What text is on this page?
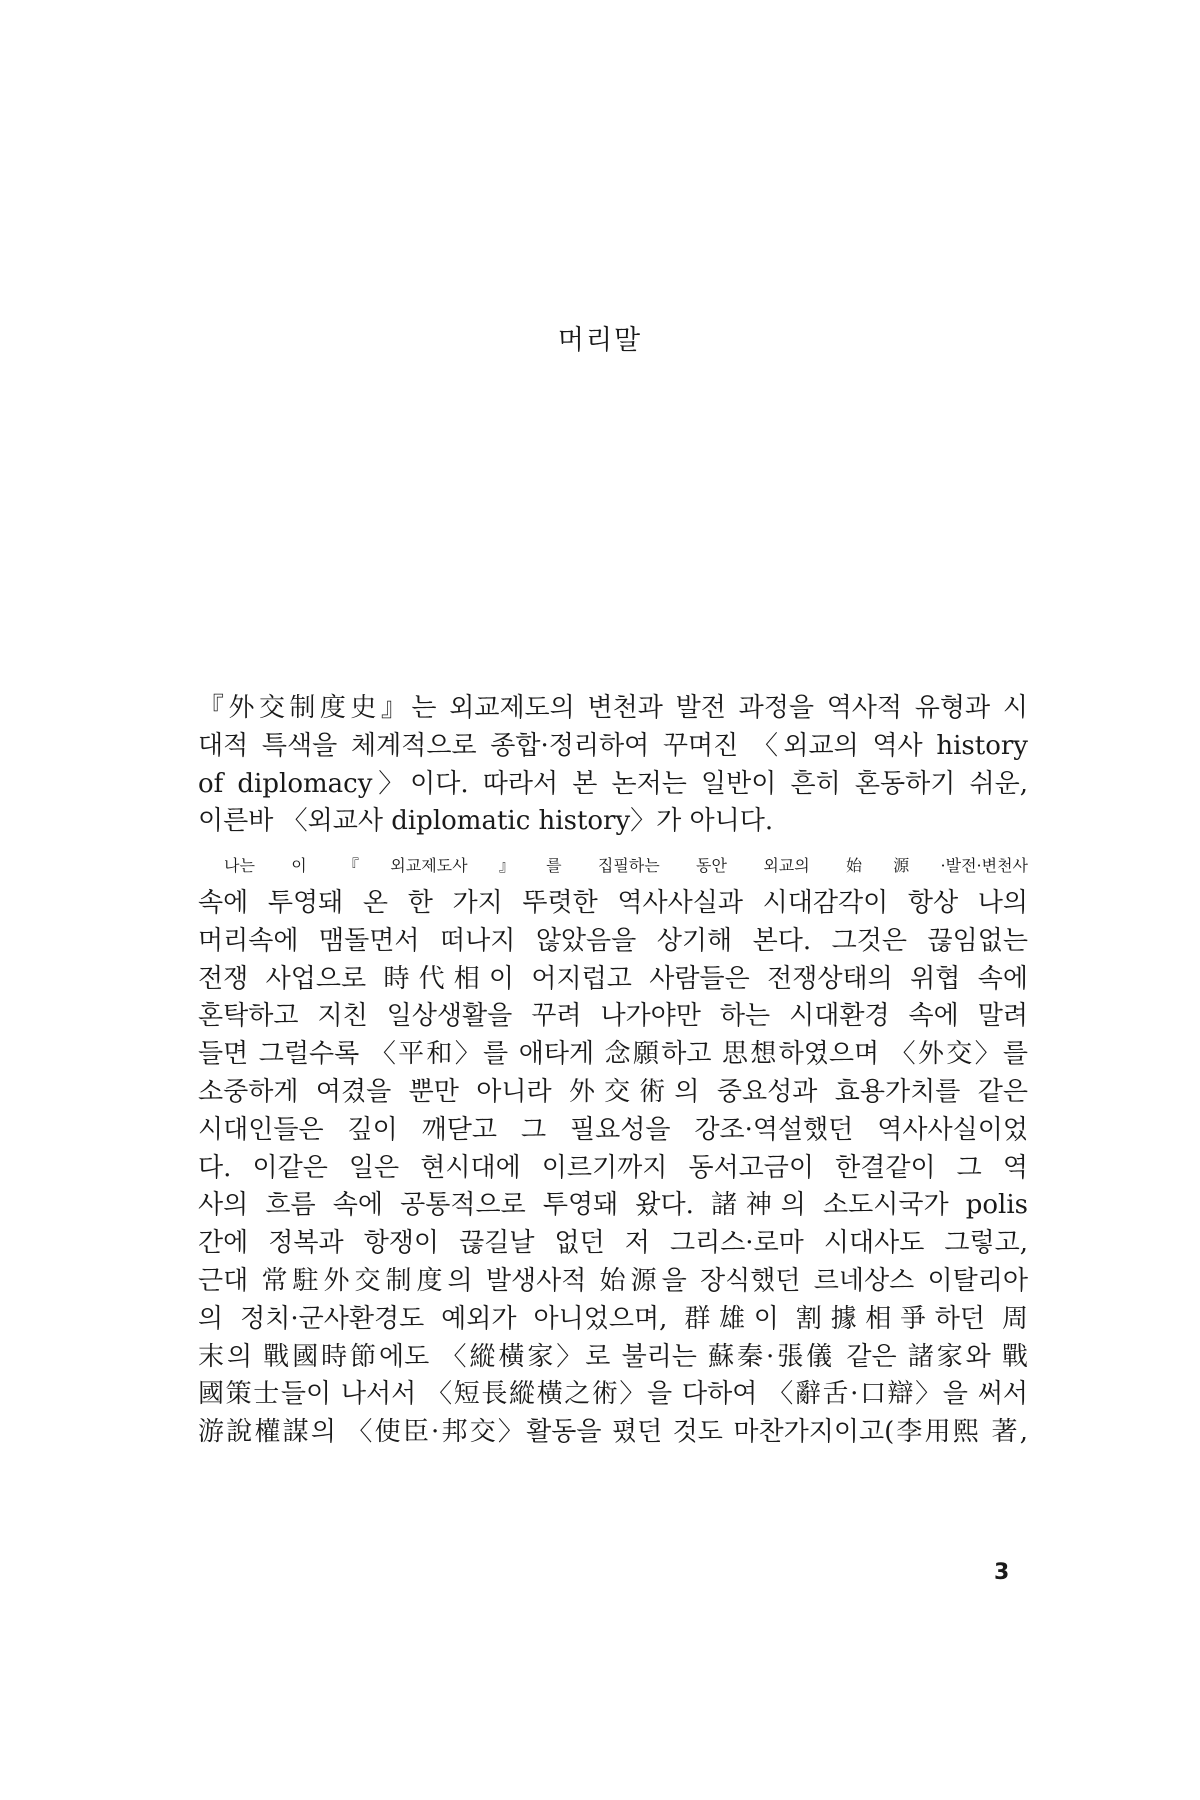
머리말
『外交制度史』는 외교제도의 변천과 발전 과정을 역사적 유형과 시
대적 특색을 체계적으로 종합·정리하여 꾸며진 〈외교의 역사 history
of diplomacy〉이다. 따라서 본 논저는 일반이 흔히 혼동하기 쉬운,
이른바 〈외교사 diplomatic history〉가 아니다.
나는 이 『외교제도사』를 집필하는 동안 외교의 始源·발전·변천사
속에 투영돼 온 한 가지 뚜렷한 역사사실과 시대감각이 항상 나의
머리속에 맴돌면서 떠나지 않았음을 상기해 본다. 그것은 끊임없는
전쟁 사업으로 時代相이 어지럽고 사람들은 전쟁상태의 위협 속에
혼탁하고 지친 일상생활을 꾸려 나가야만 하는 시대환경 속에 말려
들면 그럴수록 〈平和〉를 애타게 念願하고 思想하였으며 〈外交〉를
소중하게 여겼을 뿐만 아니라 外交術의 중요성과 효용가치를 같은
시대인들은 깊이 깨닫고 그 필요성을 강조·역설했던 역사사실이었
다. 이같은 일은 현시대에 이르기까지 동서고금이 한결같이 그 역
사의 흐름 속에 공통적으로 투영돼 왔다. 諸神의 소도시국가 polis
간에 정복과 항쟁이 끊길날 없던 저 그리스·로마 시대사도 그렇고,
근대 常駐外交制度의 발생사적 始源을 장식했던 르네상스 이탈리아
의 정치·군사환경도 예외가 아니었으며, 群雄이 割據相爭하던 周
末의 戰國時節에도 〈縱橫家〉로 불리는 蘇秦·張儀 같은 諸家와 戰
國策士들이 나서서 〈短長縱橫之術〉을 다하여 〈辭舌·口辯〉을 써서
游說權謀의 〈使臣·邦交〉활동을 폈던 것도 마찬가지이고(李用熙 著,
3
